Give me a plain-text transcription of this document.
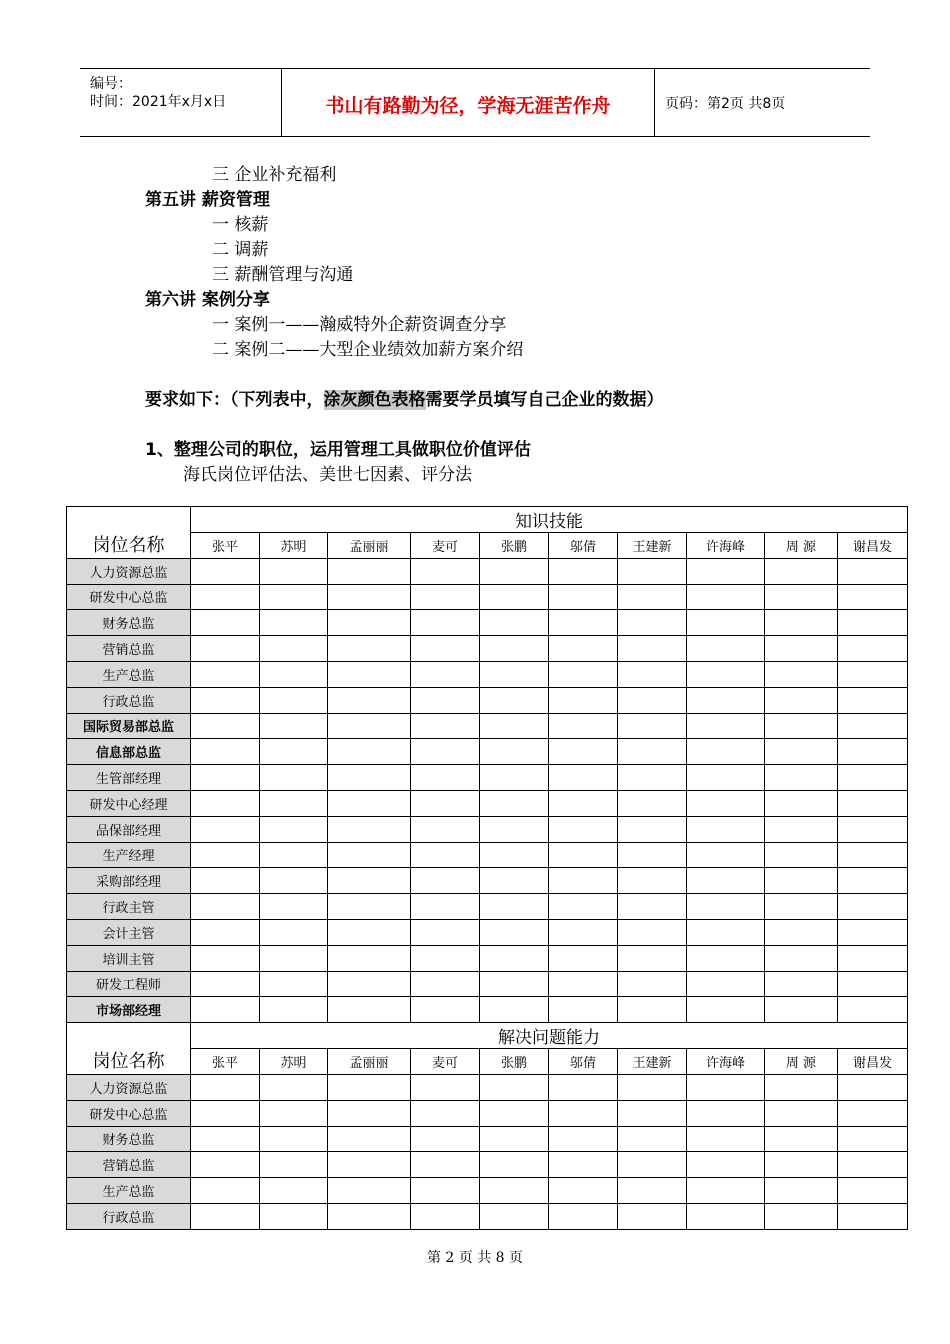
编号：
时间：2021年x月x日	书山有路勤为径，学海无涯苦作舟	页码：第2页 共8页
三 企业补充福利
第五讲 薪资管理
一 核薪
二 调薪
三 薪酬管理与沟通
第六讲 案例分享
一 案例一——瀚威特外企薪资调查分享
二 案例二——大型企业绩效加薪方案介绍
要求如下：（下列表中，涂灰颜色表格需要学员填写自己企业的数据）
1、整理公司的职位，运用管理工具做职位价值评估
海氏岗位评估法、美世七因素、评分法
岗位名称	知识技能									
	张平	苏明	孟丽丽	麦可	张鹏	邬倩	王建新	许海峰	周 源	谢昌发
人力资源总监										
研发中心总监										
财务总监										
营销总监										
生产总监										
行政总监										
国际贸易部总监										
信息部总监										
生管部经理										
研发中心经理										
品保部经理										
生产经理										
采购部经理										
行政主管										
会计主管										
培训主管										
研发工程师										
市场部经理										
岗位名称	解决问题能力									
	张平	苏明	孟丽丽	麦可	张鹏	邬倩	王建新	许海峰	周 源	谢昌发
人力资源总监										
研发中心总监										
财务总监										
营销总监										
生产总监										
行政总监										
第 2 页 共 8 页
